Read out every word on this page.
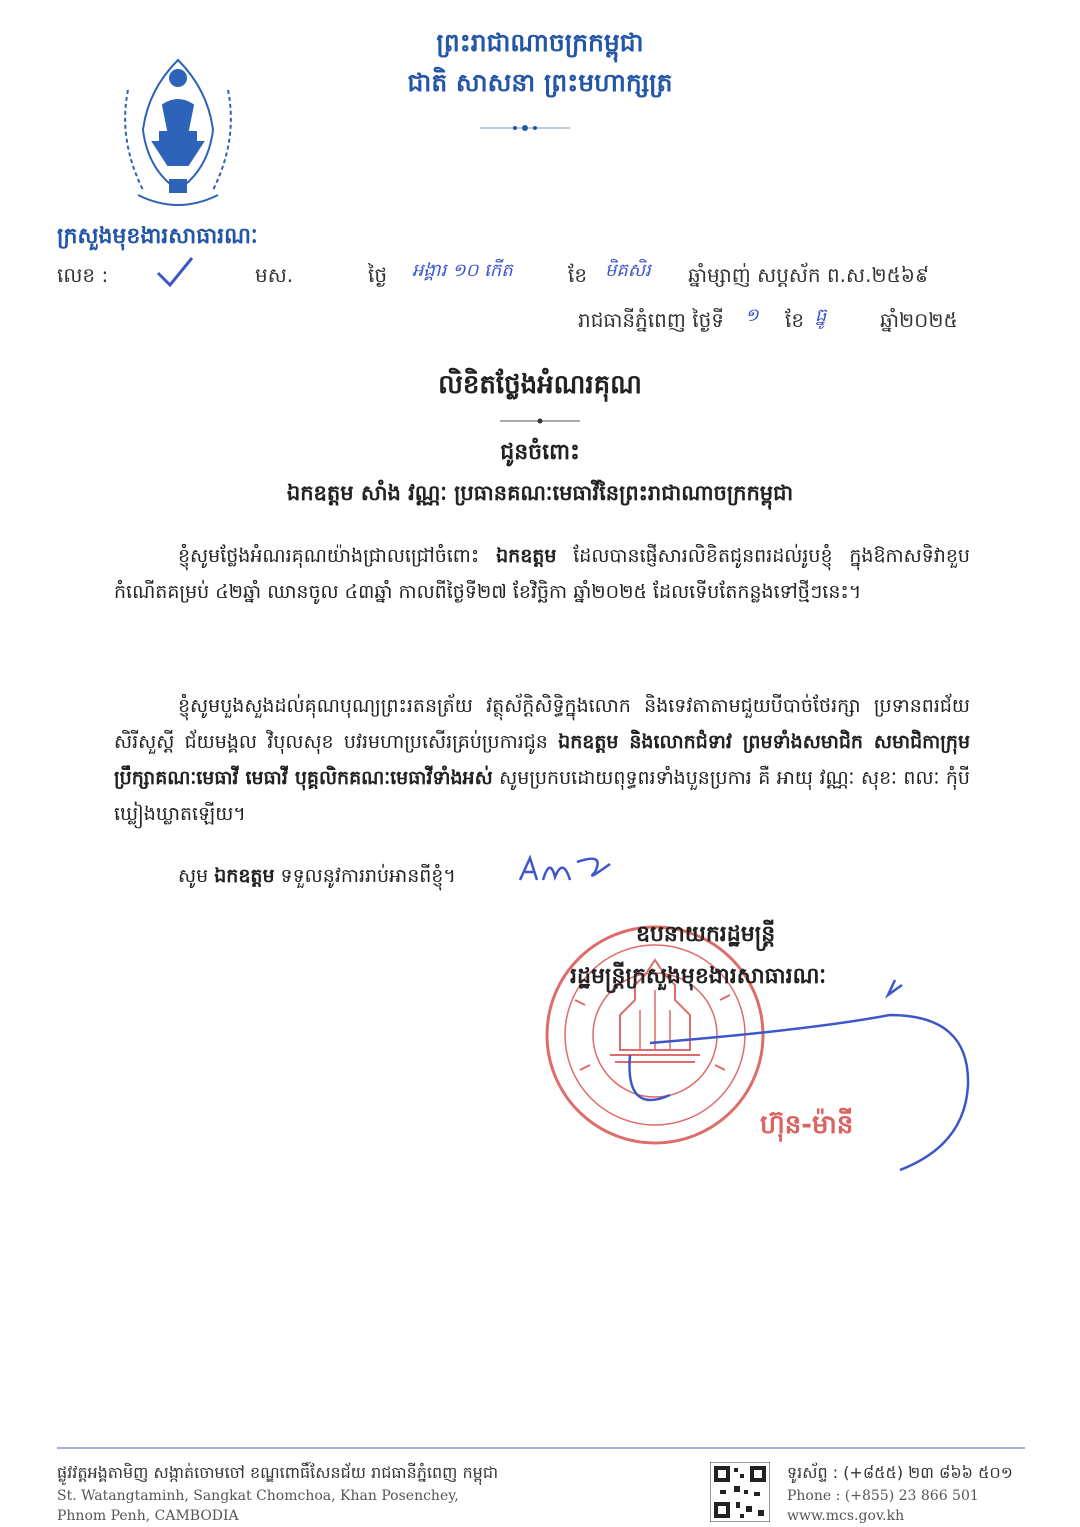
ព្រះរាជាណាចក្រកម្ពុជា
ជាតិ សាសនា ព្រះមហាក្សត្រ
ក្រសួងមុខងារសាធារណៈ
លេខ :	មស.	ថ្ងៃ អង្គារ ១០ កើត	ខែ មិគសិរ ឆ្នាំម្សាញ់ សប្តស័ក ព.ស.២៥៦៩
រាជធានីភ្នំពេញ ថ្ងៃទី ១ ខែ ធ្នូ	ឆ្នាំ២០២៥
លិខិតថ្លែងអំណរគុណ
ជូនចំពោះ
ឯកឧត្តម សាំង វណ្ណៈ ប្រធានគណៈមេធាវីនៃព្រះរាជាណាចក្រកម្ពុជា
ខ្ញុំសូមថ្លែងអំណរគុណយ៉ាងជ្រាលជ្រៅចំពោះ ឯកឧត្តម ដែលបានផ្ញើសារលិខិតជូនពរដល់រូបខ្ញុំ ក្នុងឱកាសទិវាខួបកំណើតគម្រប់ ៤២ឆ្នាំ ឈានចូល ៤៣ឆ្នាំ កាលពីថ្ងៃទី២៧ ខែវិច្ឆិកា ឆ្នាំ២០២៥ ដែលទើបតែកន្លងទៅថ្មីៗនេះ។
ខ្ញុំសូមបួងសួងដល់គុណបុណ្យព្រះរតនត្រ័យ វត្ថុស័ក្តិសិទ្ធិក្នុងលោក និងទេវតាតាមជួយបីបាច់ថែរក្សា ប្រទានពរជ័យ សិរីសួស្តី ជ័យមង្គល វិបុលសុខ បវរមហាប្រសើរគ្រប់ប្រការជូន ឯកឧត្តម និងលោកជំទាវ ព្រមទាំងសមាជិក សមាជិកាក្រុមប្រឹក្សាគណៈមេធាវី មេធាវី បុគ្គលិកគណៈមេធាវីទាំងអស់ សូមប្រកបដោយពុទ្ធពរទាំងបួនប្រការ គឺ អាយុ វណ្ណៈ សុខៈ ពលៈ កុំបីឃ្លៀងឃ្លាតឡើយ។
សូម ឯកឧត្តម ទទួលនូវការរាប់អានពីខ្ញុំ។
ឧបនាយករដ្ឋមន្ត្រី
រដ្ឋមន្ត្រីក្រសួងមុខងារសាធារណៈ
ហ៊ុន-ម៉ានី
ផ្លូវវត្តអង្គតាមិញ សង្កាត់ចោមចៅ ខណ្ឌពោធិ៍សែនជ័យ រាជធានីភ្នំពេញ កម្ពុជា
St. Watangtaminh, Sangkat Chomchoa, Khan Posenchey,
Phnom Penh, CAMBODIA
ទូរស័ព្ទ : (+៨៥៥) ២៣ ៨៦៦ ៥០១
Phone : (+855) 23 866 501
www.mcs.gov.kh
